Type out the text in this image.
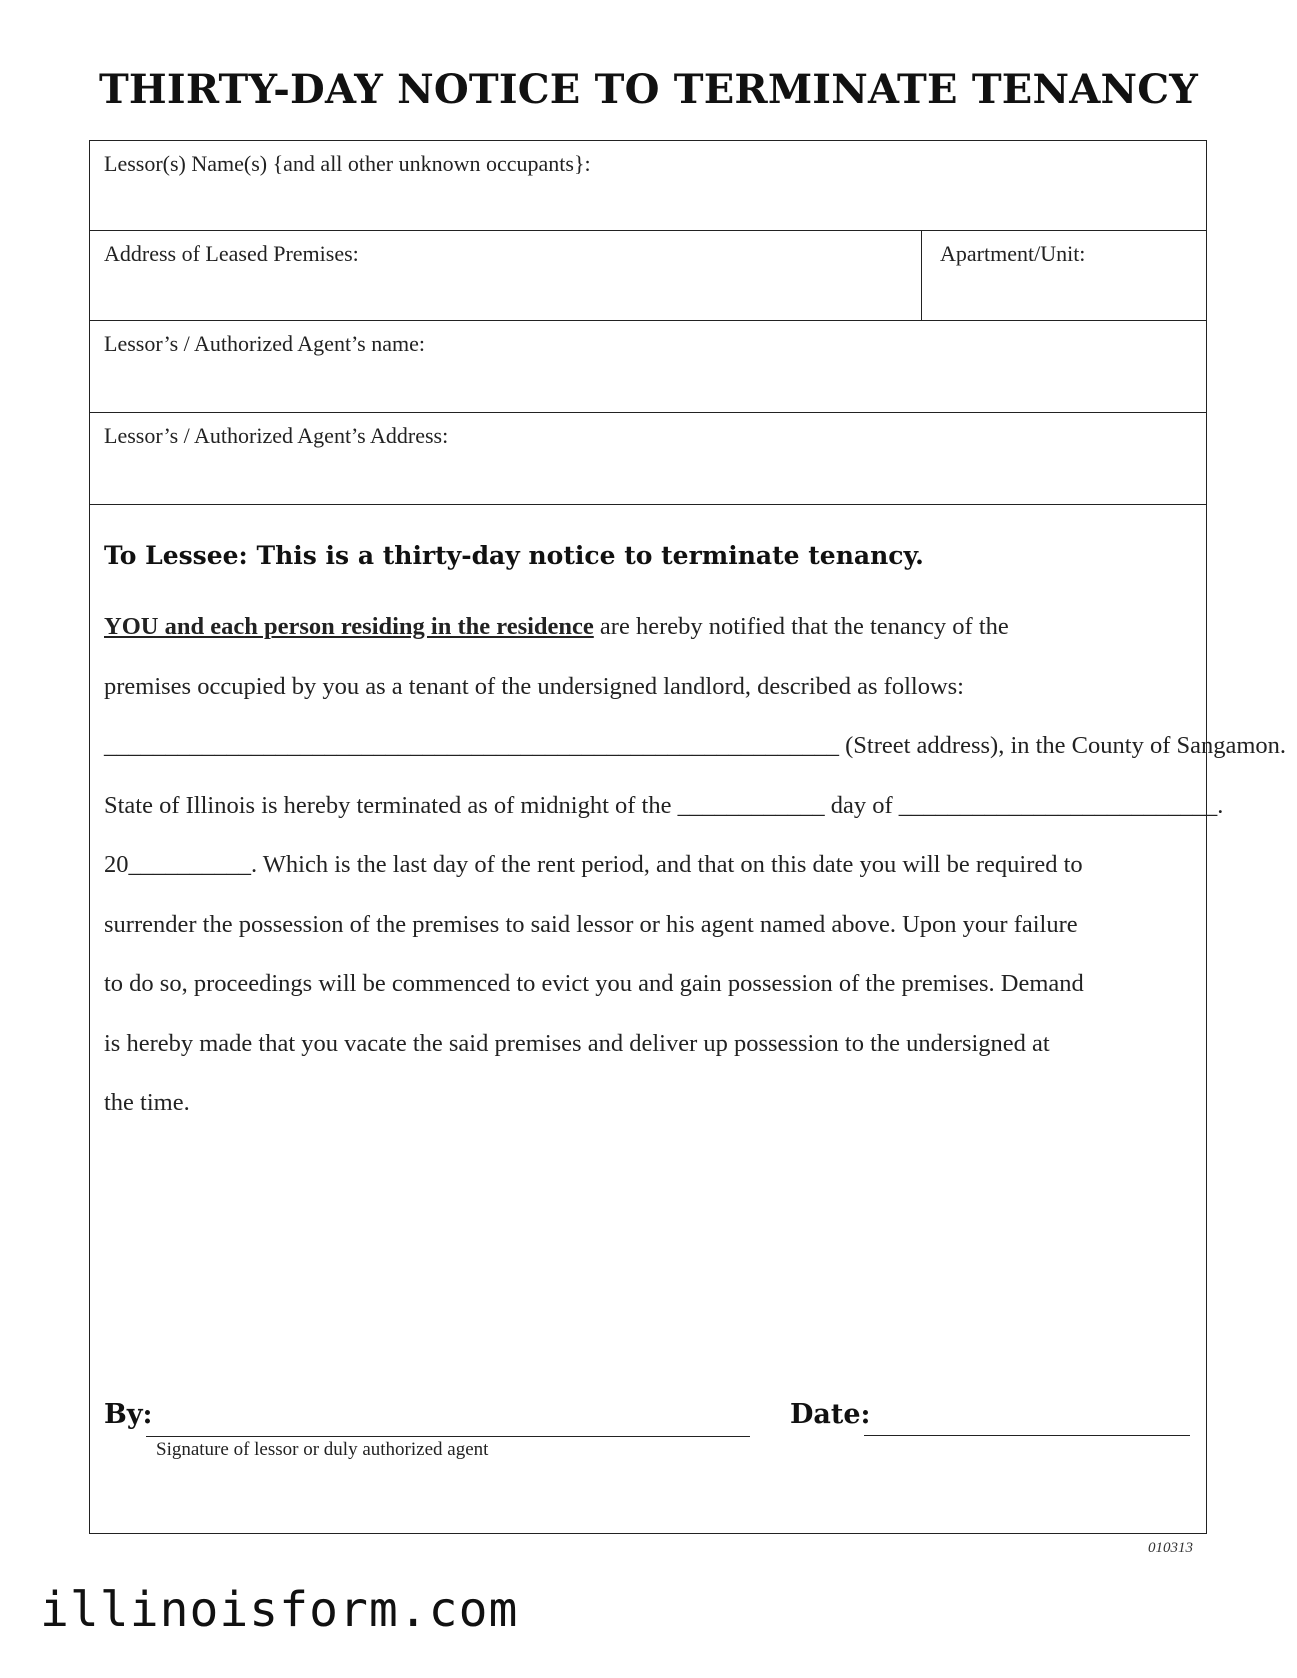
THIRTY-DAY NOTICE TO TERMINATE TENANCY
Lessor(s) Name(s) {and all other unknown occupants}:
Address of Leased Premises:	Apartment/Unit:
Lessor’s / Authorized Agent’s name:
Lessor’s / Authorized Agent’s Address:
To Lessee: This is a thirty-day notice to terminate tenancy.
YOU and each person residing in the residence are hereby notified that the tenancy of the
premises occupied by you as a tenant of the undersigned landlord, described as follows:
____________________________________________________________ (Street address), in the County of Sangamon.
State of Illinois is hereby terminated as of midnight of the ____________ day of __________________________.
20__________. Which is the last day of the rent period, and that on this date you will be required to
surrender the possession of the premises to said lessor or his agent named above. Upon your failure
to do so, proceedings will be commenced to evict you and gain possession of the premises. Demand
is hereby made that you vacate the said premises and deliver up possession to the undersigned at
the time.
By:
Signature of lessor or duly authorized agent
Date:
010313
illinoisform.com
